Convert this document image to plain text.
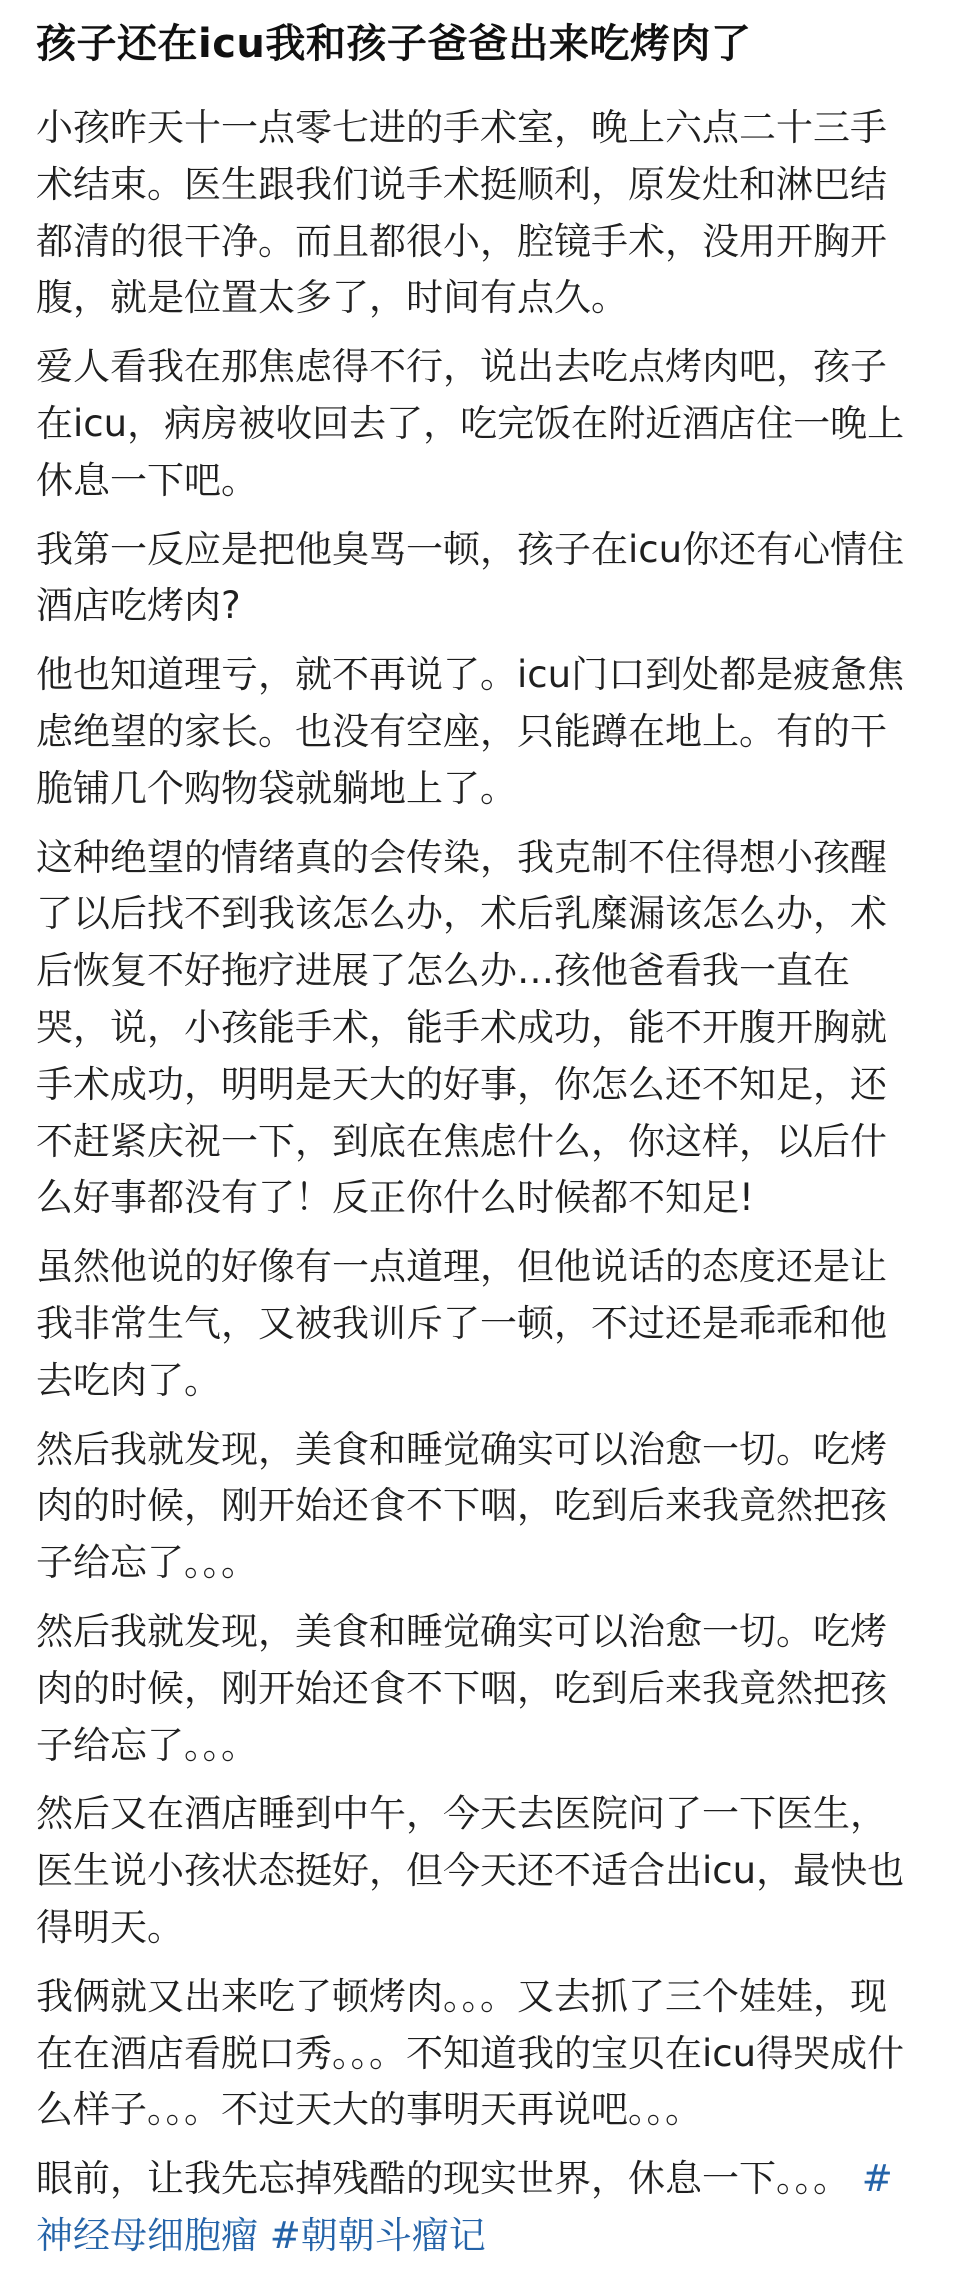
孩子还在icu我和孩子爸爸出来吃烤肉了

小孩昨天十一点零七进的手术室，晚上六点二十三手术结束。医生跟我们说手术挺顺利，原发灶和淋巴结都清的很干净。而且都很小，腔镜手术，没用开胸开腹，就是位置太多了，时间有点久。

爱人看我在那焦虑得不行，说出去吃点烤肉吧，孩子在icu，病房被收回去了，吃完饭在附近酒店住一晚上休息一下吧。

我第一反应是把他臭骂一顿，孩子在icu你还有心情住酒店吃烤肉?

他也知道理亏，就不再说了。icu门口到处都是疲惫焦虑绝望的家长。也没有空座，只能蹲在地上。有的干脆铺几个购物袋就躺地上了。

这种绝望的情绪真的会传染，我克制不住得想小孩醒了以后找不到我该怎么办，术后乳糜漏该怎么办，术后恢复不好拖疗进展了怎么办…孩他爸看我一直在哭，说，小孩能手术，能手术成功，能不开腹开胸就手术成功，明明是天大的好事，你怎么还不知足，还不赶紧庆祝一下，到底在焦虑什么，你这样，以后什么好事都没有了！反正你什么时候都不知足!

虽然他说的好像有一点道理，但他说话的态度还是让我非常生气，又被我训斥了一顿，不过还是乖乖和他去吃肉了。

然后我就发现，美食和睡觉确实可以治愈一切。吃烤肉的时候，刚开始还食不下咽，吃到后来我竟然把孩子给忘了。。。

然后我就发现，美食和睡觉确实可以治愈一切。吃烤肉的时候，刚开始还食不下咽，吃到后来我竟然把孩子给忘了。。。

然后又在酒店睡到中午，今天去医院问了一下医生，医生说小孩状态挺好，但今天还不适合出icu，最快也得明天。

我俩就又出来吃了顿烤肉。。。又去抓了三个娃娃，现在在酒店看脱口秀。。。不知道我的宝贝在icu得哭成什么样子。。。不过天大的事明天再说吧。。。

眼前，让我先忘掉残酷的现实世界，休息一下。。。 #神经母细胞瘤 #朝朝斗瘤记
